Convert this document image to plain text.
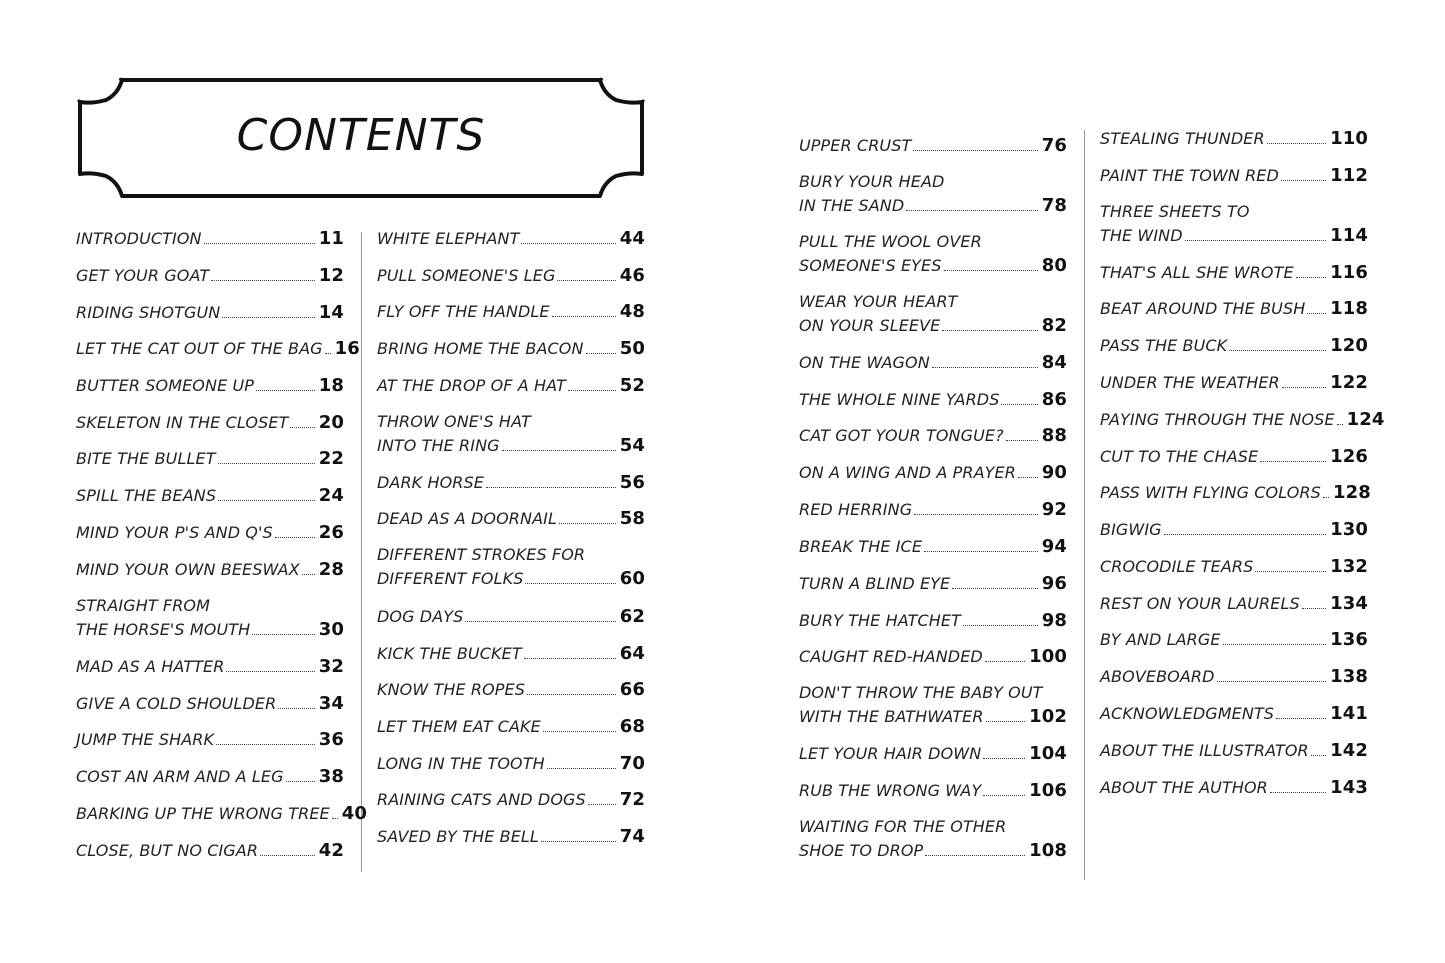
CONTENTS
INTRODUCTION	11
GET YOUR GOAT	12
RIDING SHOTGUN	14
LET THE CAT OUT OF THE BAG 16
BUTTER SOMEONE UP	18
SKELETON IN THE CLOSET 20
BITE THE BULLET	22
SPILL THE BEANS	24
MIND YOUR P'S AND Q'S	26
MIND YOUR OWN BEESWAX 28
STRAIGHT FROM
THE HORSE'S MOUTH	30
MAD AS A HATTER	32
GIVE A COLD SHOULDER 34
JUMP THE SHARK	36
COST AN ARM AND A LEG 38
BARKING UP THE WRONG TREE 40
CLOSE, BUT NO CIGAR	42
WHITE ELEPHANT	44
PULL SOMEONE'S LEG	46
FLY OFF THE HANDLE	48
BRING HOME THE BACON 50
AT THE DROP OF A HAT	52
THROW ONE'S HAT
INTO THE RING	54
DARK HORSE	56
DEAD AS A DOORNAIL	58
DIFFERENT STROKES FOR
DIFFERENT FOLKS	60
DOG DAYS	62
KICK THE BUCKET	64
KNOW THE ROPES	66
LET THEM EAT CAKE	68
LONG IN THE TOOTH	70
RAINING CATS AND DOGS 72
SAVED BY THE BELL	74
UPPER CRUST	76
BURY YOUR HEAD
IN THE SAND	78
PULL THE WOOL OVER
SOMEONE'S EYES	80
WEAR YOUR HEART
ON YOUR SLEEVE	82
ON THE WAGON	84
THE WHOLE NINE YARDS 86
CAT GOT YOUR TONGUE? 88
ON A WING AND A PRAYER 90
RED HERRING	92
BREAK THE ICE	94
TURN A BLIND EYE	96
BURY THE HATCHET	98
CAUGHT RED-HANDED	100
DON'T THROW THE BABY OUT
WITH THE BATHWATER	102
LET YOUR HAIR DOWN	104
RUB THE WRONG WAY	106
WAITING FOR THE OTHER
SHOE TO DROP	108
STEALING THUNDER	110
PAINT THE TOWN RED	112
THREE SHEETS TO
THE WIND	114
THAT'S ALL SHE WROTE 116
BEAT AROUND THE BUSH 118
PASS THE BUCK	120
UNDER THE WEATHER	122
PAYING THROUGH THE NOSE 124
CUT TO THE CHASE	126
PASS WITH FLYING COLORS 128
BIGWIG	130
CROCODILE TEARS	132
REST ON YOUR LAURELS 134
BY AND LARGE	136
ABOVEBOARD	138
ACKNOWLEDGMENTS	141
ABOUT THE ILLUSTRATOR 142
ABOUT THE AUTHOR	143
